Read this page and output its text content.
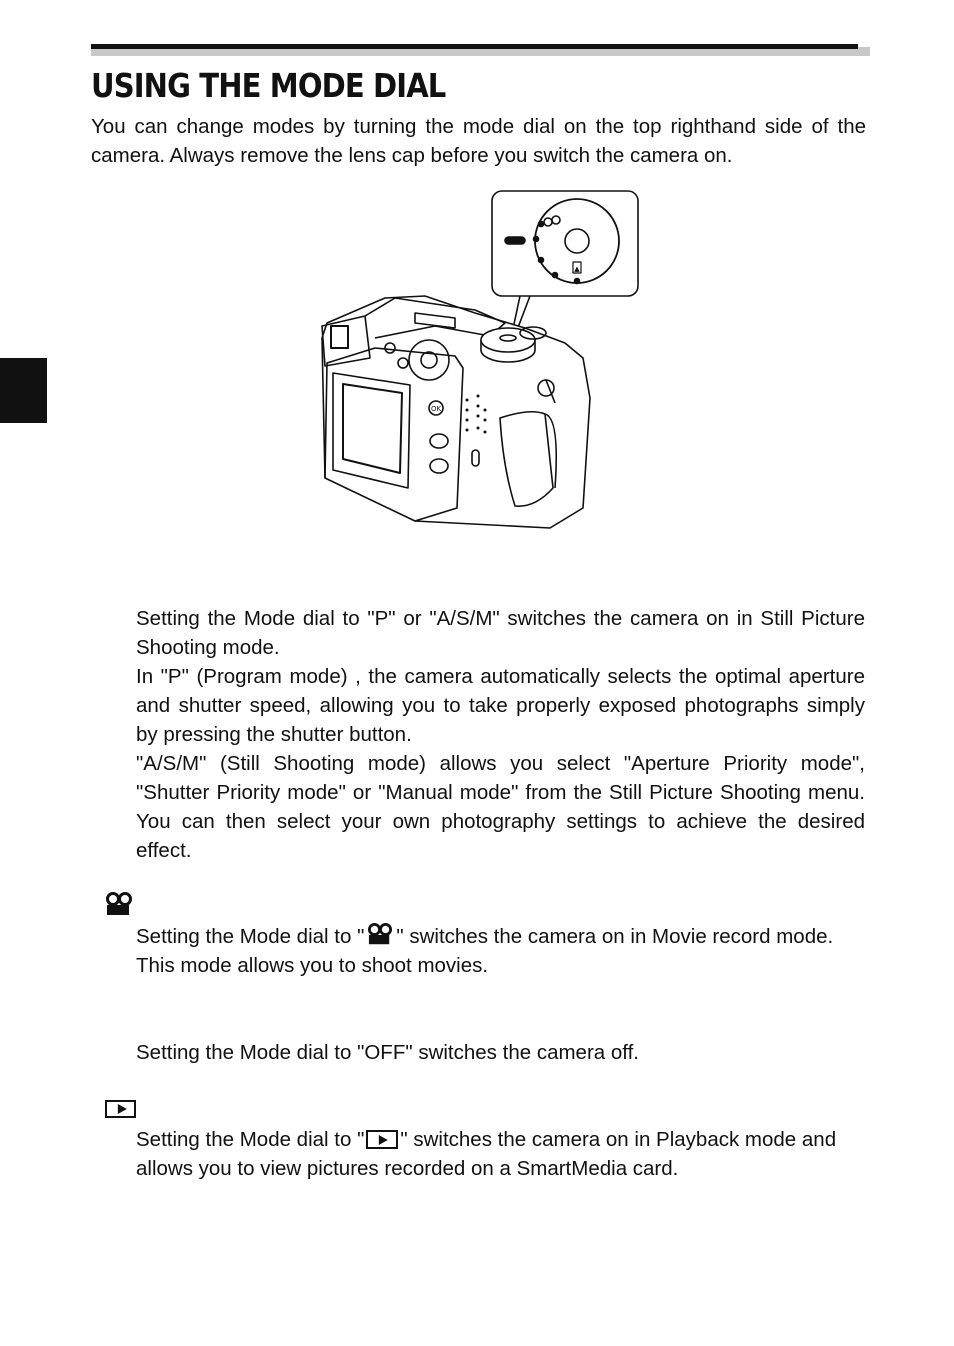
USING THE MODE DIAL
You can change modes by turning the mode dial on the top righthand side of the camera. Always remove the lens cap before you switch the camera on.
▲
OK
Setting the Mode dial to "P" or "A/S/M" switches the camera on in Still Picture Shooting mode.
In "P" (Program mode) , the camera automatically selects the optimal aperture and shutter speed, allowing you to take properly exposed photographs simply by pressing the shutter button.
"A/S/M" (Still Shooting mode) allows you select "Aperture Priority mode", "Shutter Priority mode" or "Manual mode" from the Still Picture Shooting menu. You can then select your own photography settings to achieve the desired effect.
Setting the Mode dial to " " switches the camera on in Movie record mode. This mode allows you to shoot movies.
Setting the Mode dial to "OFF" switches the camera off.
Setting the Mode dial to " " switches the camera on in Playback mode and allows you to view pictures recorded on a SmartMedia card.
